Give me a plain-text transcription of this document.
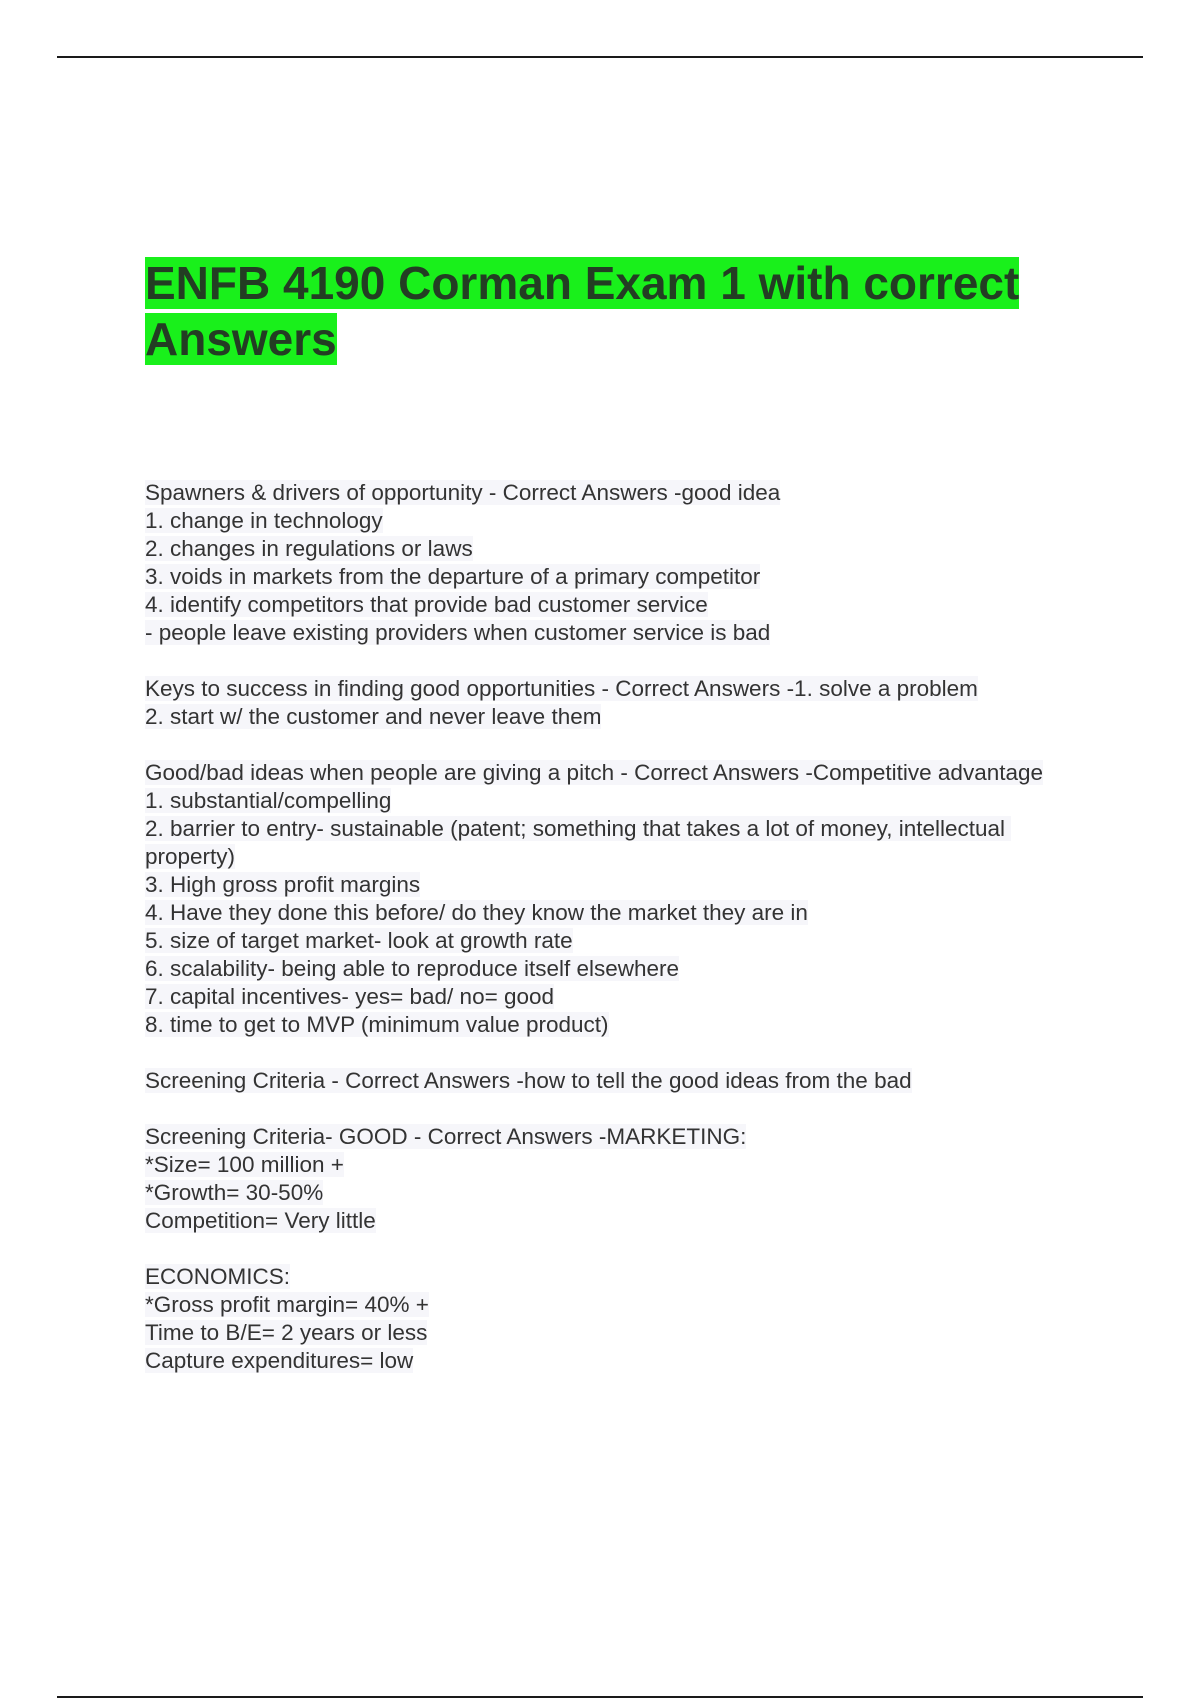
ENFB 4190 Corman Exam 1 with correct Answers
Spawners & drivers of opportunity - Correct Answers -good idea
1. change in technology
2. changes in regulations or laws
3. voids in markets from the departure of a primary competitor
4. identify competitors that provide bad customer service
- people leave existing providers when customer service is bad
Keys to success in finding good opportunities - Correct Answers -1. solve a problem
2. start w/ the customer and never leave them
Good/bad ideas when people are giving a pitch - Correct Answers -Competitive advantage
1. substantial/compelling
2. barrier to entry- sustainable (patent; something that takes a lot of money, intellectual property)
3. High gross profit margins
4. Have they done this before/ do they know the market they are in
5. size of target market- look at growth rate
6. scalability- being able to reproduce itself elsewhere
7. capital incentives- yes= bad/ no= good
8. time to get to MVP (minimum value product)
Screening Criteria - Correct Answers -how to tell the good ideas from the bad
Screening Criteria- GOOD - Correct Answers -MARKETING:
*Size= 100 million +
*Growth= 30-50%
Competition= Very little
ECONOMICS:
*Gross profit margin= 40% +
Time to B/E= 2 years or less
Capture expenditures= low
